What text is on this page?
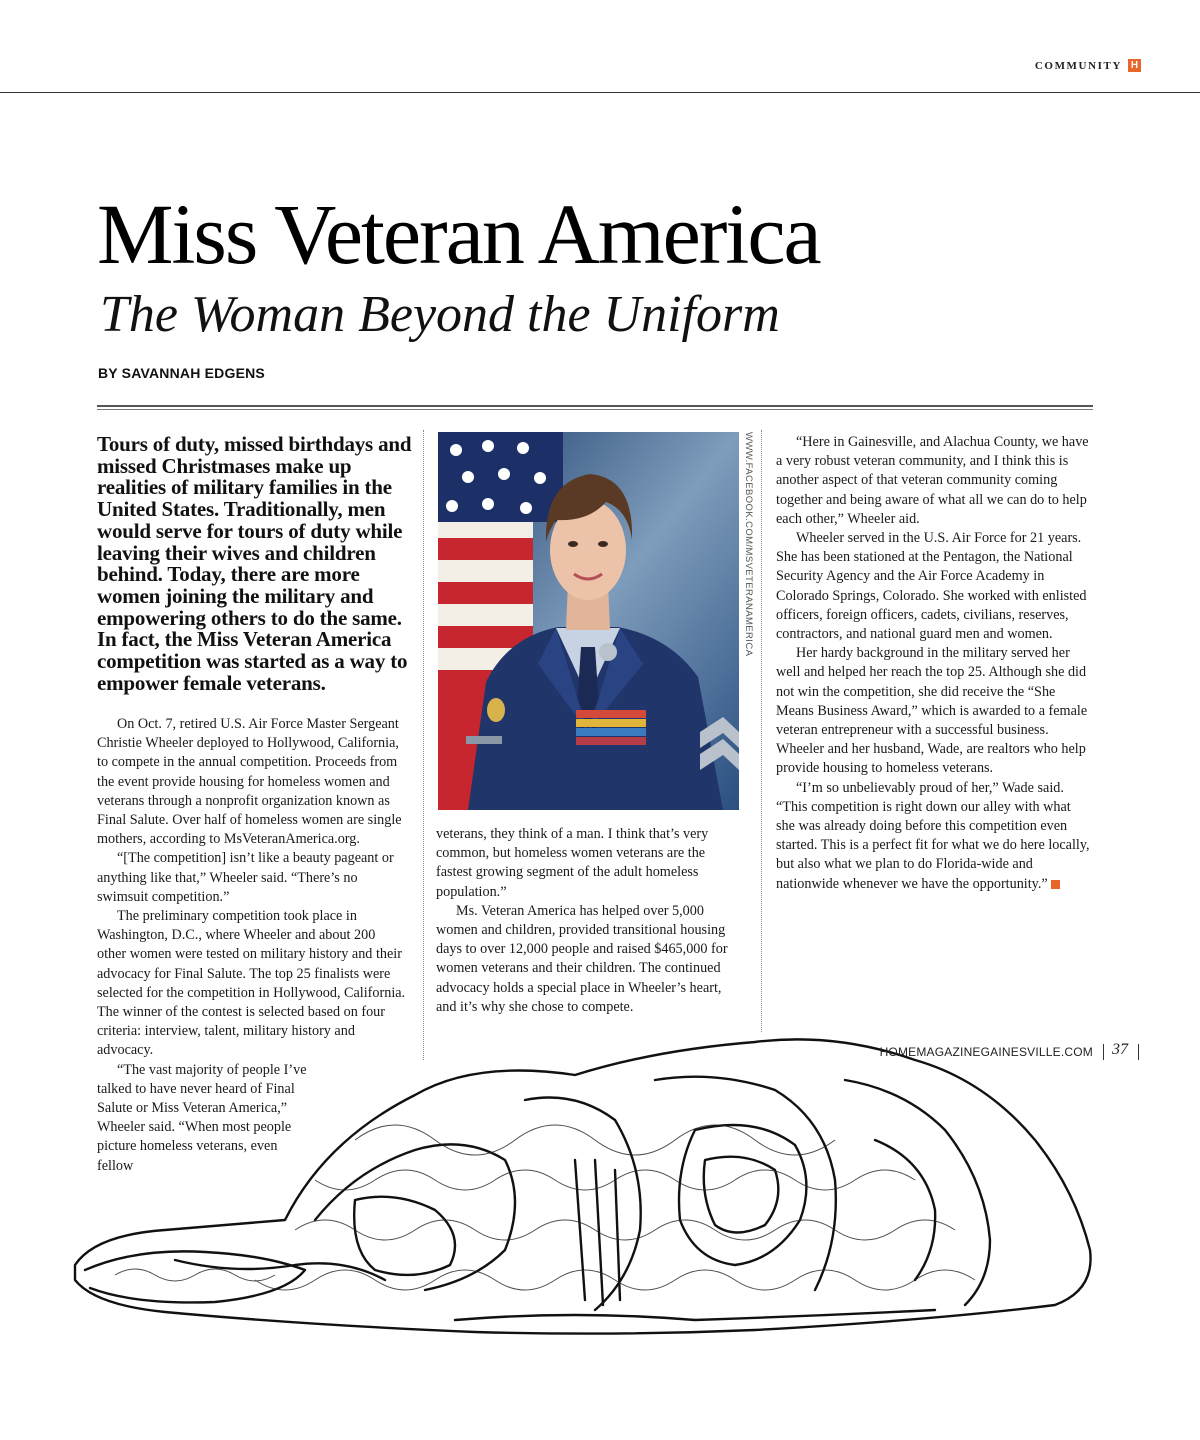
COMMUNITY H
Miss Veteran America
The Woman Beyond the Uniform
BY SAVANNAH EDGENS
Tours of duty, missed birthdays and missed Christmases make up realities of military families in the United States. Traditionally, men would serve for tours of duty while leaving their wives and children behind. Today, there are more women joining the military and empowering others to do the same. In fact, the Miss Veteran America competition was started as a way to empower female veterans.

On Oct. 7, retired U.S. Air Force Master Sergeant Christie Wheeler deployed to Hollywood, California, to compete in the annual competition. Proceeds from the event provide housing for homeless women and veterans through a nonprofit organization known as Final Salute. Over half of homeless women are single mothers, according to MsVeteranAmerica.org.

“[The competition] isn’t like a beauty pageant or anything like that,” Wheeler said. “There’s no swimsuit competition.”

The preliminary competition took place in Washington, D.C., where Wheeler and about 200 other women were tested on military history and their advocacy for Final Salute. The top 25 finalists were selected for the competition in Hollywood, California. The winner of the contest is selected based on four criteria: interview, talent, military history and advocacy.

“The vast majority of people I’ve talked to have never heard of Final Salute or Miss Veteran America,” Wheeler said. “When most people picture homeless veterans, even fellow

WWW.FACEBOOK.COM/MSVETERANAMERICA

veterans, they think of a man. I think that’s very common, but homeless women veterans are the fastest growing segment of the adult homeless population.”

Ms. Veteran America has helped over 5,000 women and children, provided transitional housing days to over 12,000 people and raised $465,000 for women veterans and their children. The continued advocacy holds a special place in Wheeler’s heart, and it’s why she chose to compete.

“Here in Gainesville, and Alachua County, we have a very robust veteran community, and I think this is another aspect of that veteran community coming together and being aware of what all we can do to help each other,” Wheeler aid.

Wheeler served in the U.S. Air Force for 21 years. She has been stationed at the Pentagon, the National Security Agency and the Air Force Academy in Colorado Springs, Colorado. She worked with enlisted officers, foreign officers, cadets, civilians, reserves, contractors, and national guard men and women.

Her hardy background in the military served her well and helped her reach the top 25. Although she did not win the competition, she did receive the “She Means Business Award,” which is awarded to a female veteran entrepreneur with a successful business. Wheeler and her husband, Wade, are realtors who help provide housing to homeless veterans.

“I’m so unbelievably proud of her,” Wade said. “This competition is right down our alley with what she was already doing before this competition even started. This is a perfect fit for what we do here locally, but also what we plan to do Florida-wide and nationwide whenever we have the opportunity.”	H

HOMEMAGAZINEGAINESVILLE.COM 37
